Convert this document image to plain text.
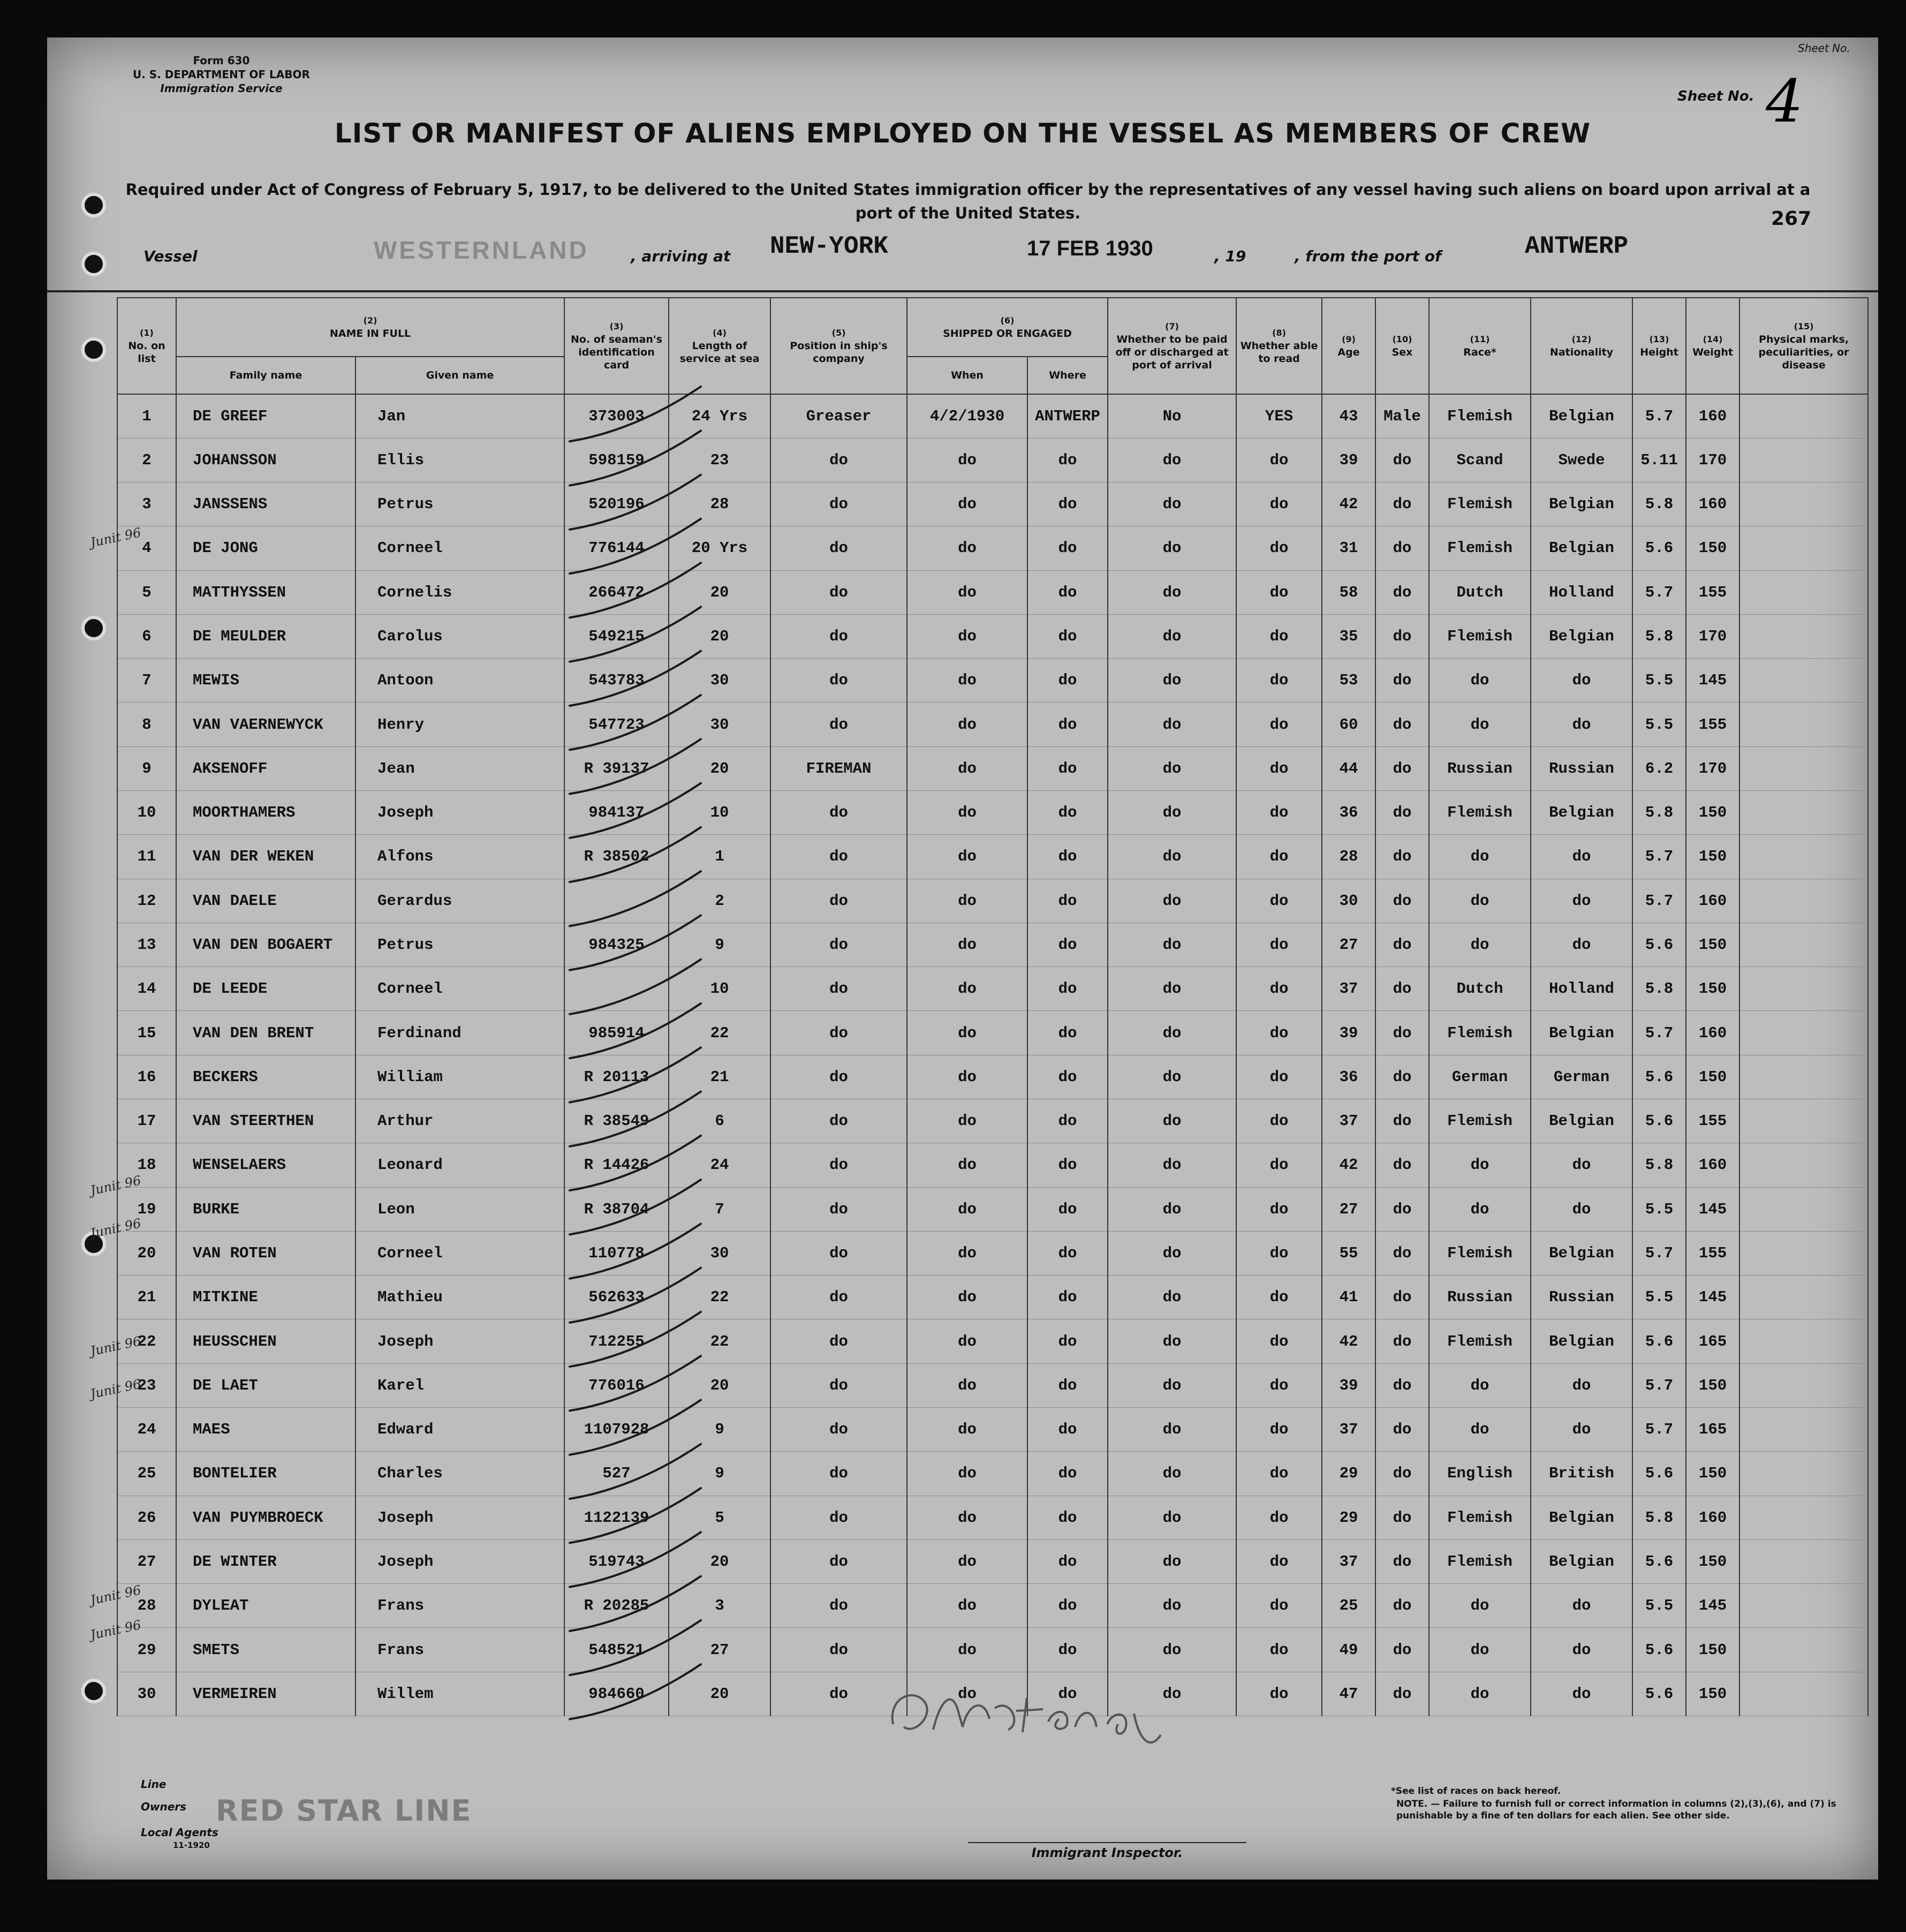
Form 630
U. S. DEPARTMENT OF LABOR
Immigration Service
Sheet No.
Sheet No. 4
LIST OR MANIFEST OF ALIENS EMPLOYED ON THE VESSEL AS MEMBERS OF CREW
Required under Act of Congress of February 5, 1917, to be delivered to the United States immigration officer by the representatives of any vessel having such aliens on board upon arrival at a port of the United States.	267
Vessel	WESTERNLAND	, arriving at NEW-YORK	17 FEB 1930	, 19	, from the port of	ANTWERP
(1)
No. on list	(2)
NAME IN FULL		(3)
No. of seaman's identification card	(4)
Length of service at sea	(5)
Position in ship's company	(6)
SHIPPED OR ENGAGED		(7)
Whether to be paid off or discharged at port of arrival	(8)
Whether able to read	(9)
Age	(10)
Sex	(11)
Race*	(12)
Nationality	(13)
Height	(14)
Weight	(15)
Physical marks, peculiarities, or disease	
	Family name	Given name				When	Where										
1	DE GREEF	Jan	373003	24 Yrs	Greaser	4/2/1930	ANTWERP	No	YES	43	Male	Flemish	Belgian	5.7	160		
2	JOHANSSON	Ellis	598159	23	do	do	do	do	do	39	do	Scand	Swede	5.11	170		
3	JANSSENS	Petrus	520196	28	do	do	do	do	do	42	do	Flemish	Belgian	5.8	160		
4	DE JONG	Corneel	776144	20 Yrs	do	do	do	do	do	31	do	Flemish	Belgian	5.6	150		
5	MATTHYSSEN	Cornelis	266472	20	do	do	do	do	do	58	do	Dutch	Holland	5.7	155		
6	DE MEULDER	Carolus	549215	20	do	do	do	do	do	35	do	Flemish	Belgian	5.8	170		
7	MEWIS	Antoon	543783	30	do	do	do	do	do	53	do	do	do	5.5	145		
8	VAN VAERNEWYCK	Henry	547723	30	do	do	do	do	do	60	do	do	do	5.5	155		
9	AKSENOFF	Jean	R 39137	20	FIREMAN	do	do	do	do	44	do	Russian	Russian	6.2	170		
10	MOORTHAMERS	Joseph	984137	10	do	do	do	do	do	36	do	Flemish	Belgian	5.8	150		
11	VAN DER WEKEN	Alfons	R 38502	1	do	do	do	do	do	28	do	do	do	5.7	150		
12	VAN DAELE	Gerardus		2	do	do	do	do	do	30	do	do	do	5.7	160		
13	VAN DEN BOGAERT	Petrus	984325	9	do	do	do	do	do	27	do	do	do	5.6	150		
14	DE LEEDE	Corneel		10	do	do	do	do	do	37	do	Dutch	Holland	5.8	150		
15	VAN DEN BRENT	Ferdinand	985914	22	do	do	do	do	do	39	do	Flemish	Belgian	5.7	160		
16	BECKERS	William	R 20113	21	do	do	do	do	do	36	do	German	German	5.6	150		
17	VAN STEERTHEN	Arthur	R 38549	6	do	do	do	do	do	37	do	Flemish	Belgian	5.6	155		
18	WENSELAERS	Leonard	R 14426	24	do	do	do	do	do	42	do	do	do	5.8	160		
19	BURKE	Leon	R 38704	7	do	do	do	do	do	27	do	do	do	5.5	145		
20	VAN ROTEN	Corneel	110778	30	do	do	do	do	do	55	do	Flemish	Belgian	5.7	155		
21	MITKINE	Mathieu	562633	22	do	do	do	do	do	41	do	Russian	Russian	5.5	145		
22	HEUSSCHEN	Joseph	712255	22	do	do	do	do	do	42	do	Flemish	Belgian	5.6	165		
23	DE LAET	Karel	776016	20	do	do	do	do	do	39	do	do	do	5.7	150		
24	MAES	Edward	1107928	9	do	do	do	do	do	37	do	do	do	5.7	165		
25	BONTELIER	Charles	527	9	do	do	do	do	do	29	do	English	British	5.6	150		
26	VAN PUYMBROECK	Joseph	1122139	5	do	do	do	do	do	29	do	Flemish	Belgian	5.8	160		
27	DE WINTER	Joseph	519743	20	do	do	do	do	do	37	do	Flemish	Belgian	5.6	150		
28	DYLEAT	Frans	R 20285	3	do	do	do	do	do	25	do	do	do	5.5	145		
29	SMETS	Frans	548521	27	do	do	do	do	do	49	do	do	do	5.6	150		
30	VERMEIREN	Willem	984660	20	do	do	do	do	do	47	do	do	do	5.6	150		
Line
Owners RED STAR LINE
Local Agents
11-1920	Immigrant Inspector.
*See list of races on back hereof.
NOTE. — Failure to furnish full or correct information in columns (2),(3),(6), and (7) is punishable by a fine of ten dollars for each alien. See other side.
Junit 96
Junit 96
Junit 96
Junit 96
Junit 96
Junit 96
Junit 96
